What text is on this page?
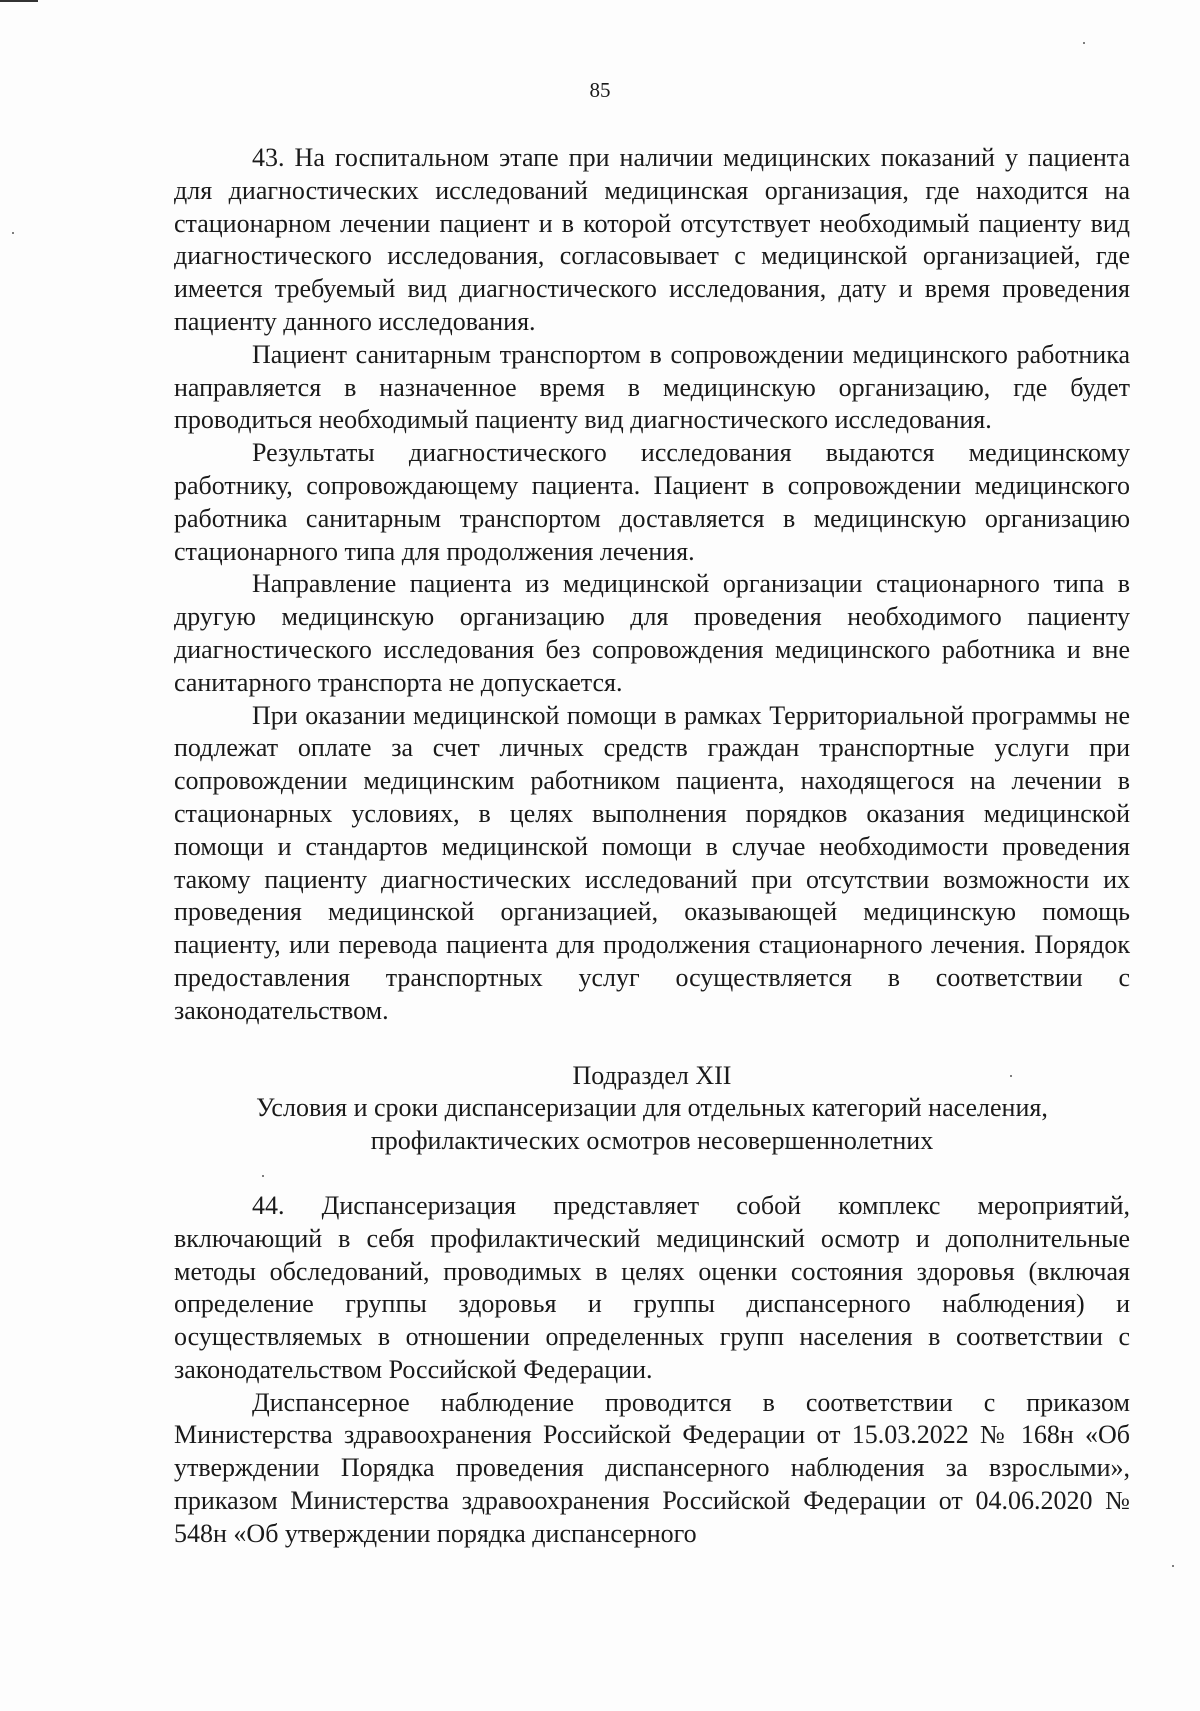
85

43. На госпитальном этапе при наличии медицинских показаний у пациента для диагностических исследований медицинская организация, где находится на стационарном лечении пациент и в которой отсутствует необходимый пациенту вид диагностического исследования, согласовывает с медицинской организацией, где имеется требуемый вид диагностического исследования, дату и время проведения пациенту данного исследования.

Пациент санитарным транспортом в сопровождении медицинского работника направляется в назначенное время в медицинскую организацию, где будет проводиться необходимый пациенту вид диагностического исследования.

Результаты диагностического исследования выдаются медицинскому работнику, сопровождающему пациента. Пациент в сопровождении медицинского работника санитарным транспортом доставляется в медицинскую организацию стационарного типа для продолжения лечения.

Направление пациента из медицинской организации стационарного типа в другую медицинскую организацию для проведения необходимого пациенту диагностического исследования без сопровождения медицинского работника и вне санитарного транспорта не допускается.

При оказании медицинской помощи в рамках Территориальной программы не подлежат оплате за счет личных средств граждан транспортные услуги при сопровождении медицинским работником пациента, находящегося на лечении в стационарных условиях, в целях выполнения порядков оказания медицинской помощи и стандартов медицинской помощи в случае необходимости проведения такому пациенту диагностических исследований при отсутствии возможности их проведения медицинской организацией, оказывающей медицинскую помощь пациенту, или перевода пациента для продолжения стационарного лечения. Порядок предоставления транспортных услуг осуществляется в соответствии с законодательством.

Подраздел XII
Условия и сроки диспансеризации для отдельных категорий населения,
профилактических осмотров несовершеннолетних

44. Диспансеризация представляет собой комплекс мероприятий, включающий в себя профилактический медицинский осмотр и дополнительные методы обследований, проводимых в целях оценки состояния здоровья (включая определение группы здоровья и группы диспансерного наблюдения) и осуществляемых в отношении определенных групп населения в соответствии с законодательством Российской Федерации.

Диспансерное наблюдение проводится в соответствии с приказом Министерства здравоохранения Российской Федерации от 15.03.2022 № 168н «Об утверждении Порядка проведения диспансерного наблюдения за взрослыми», приказом Министерства здравоохранения Российской Федерации от 04.06.2020 № 548н «Об утверждении порядка диспансерного
